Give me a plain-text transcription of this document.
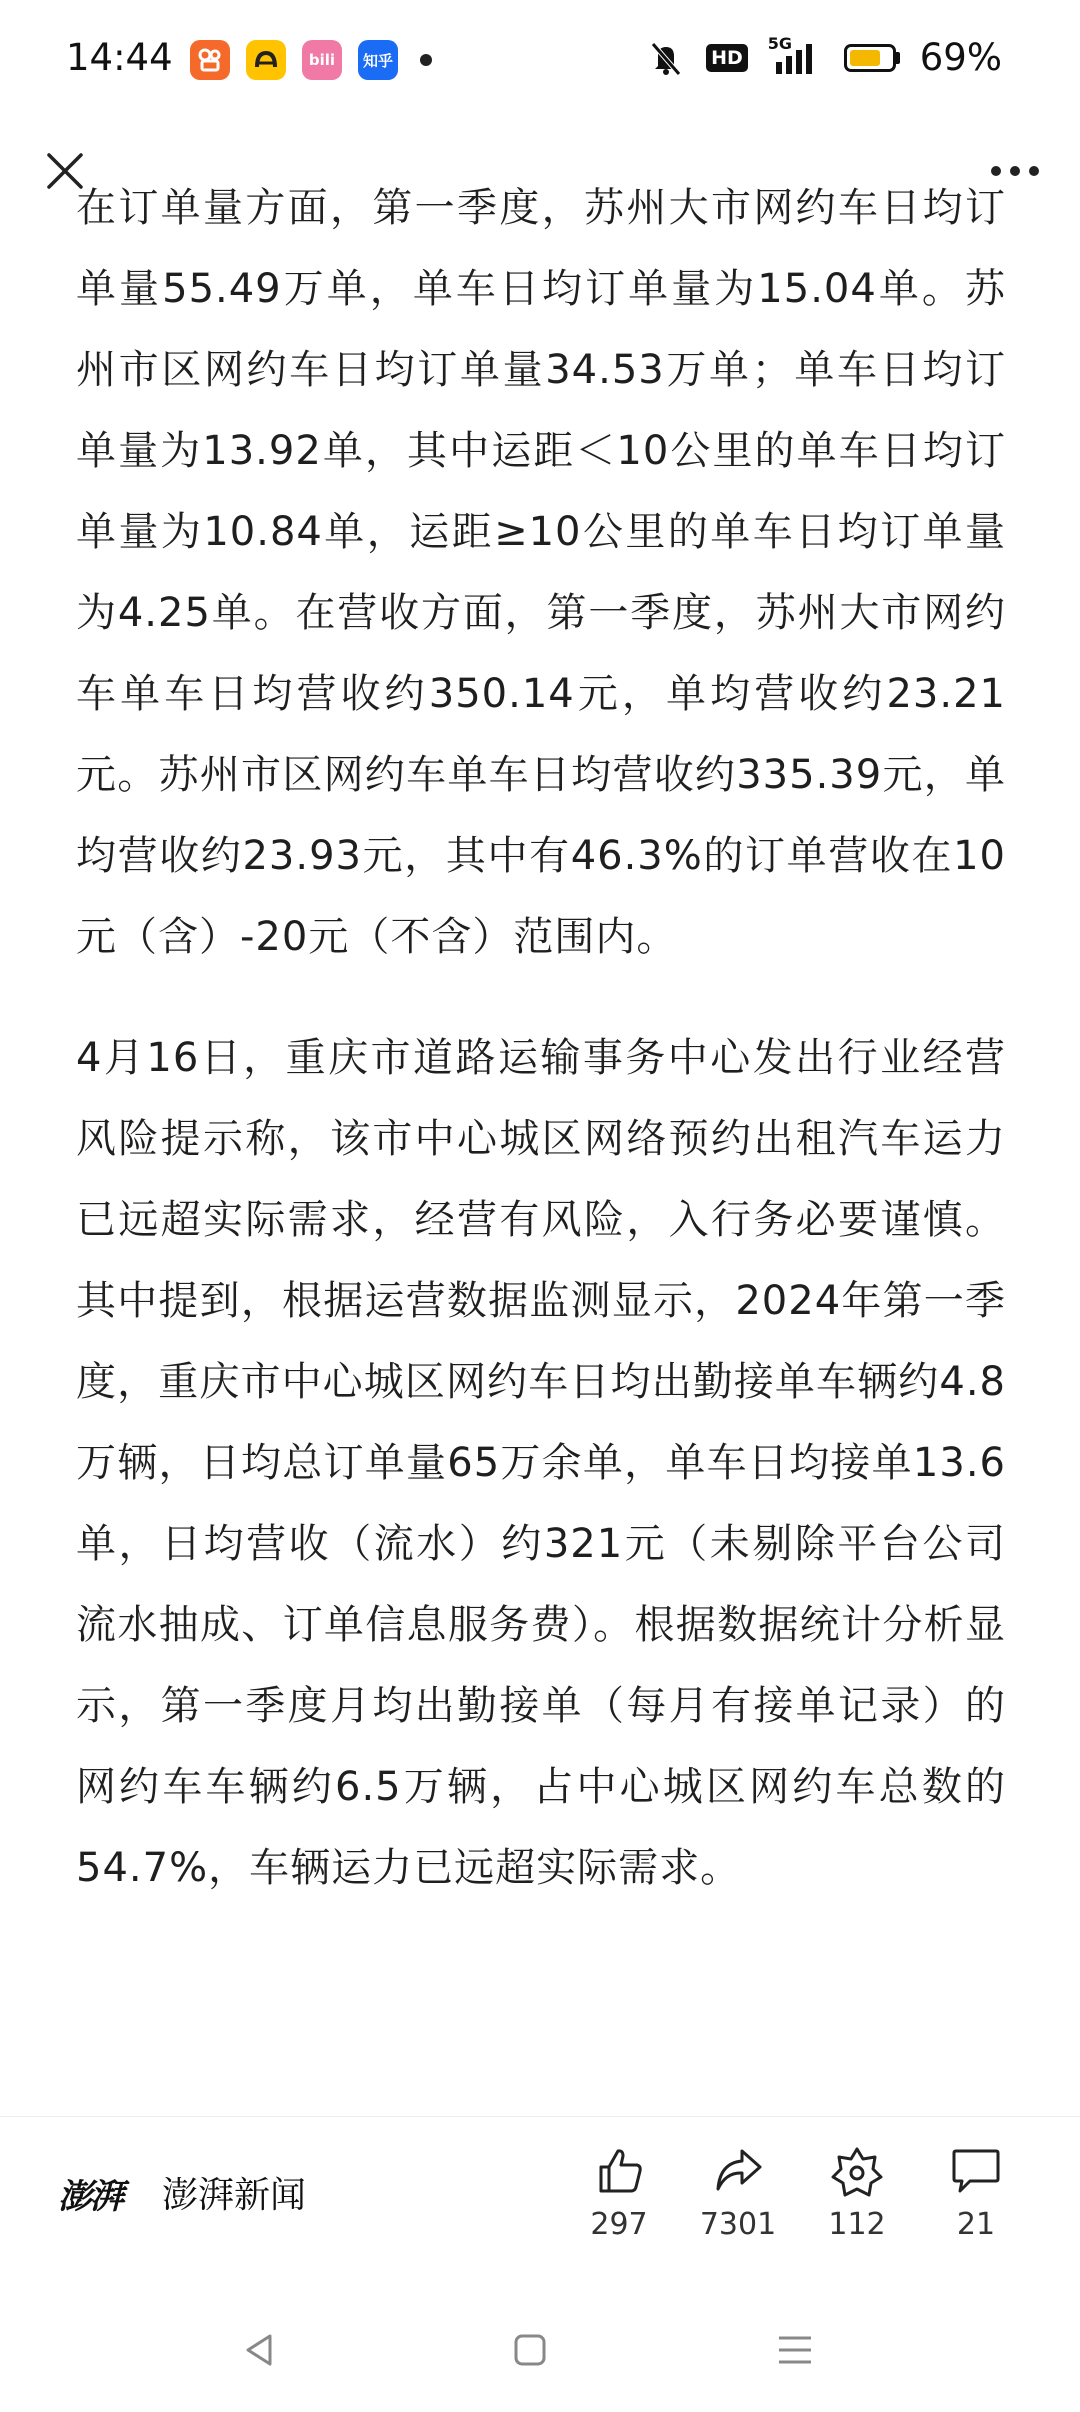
14:44	bili 知乎	HD
5G	69%

在订单量方面，第一季度，苏州大市网约车日均订单量55.49万单，单车日均订单量为15.04单。苏州市区网约车日均订单量34.53万单；单车日均订单量为13.92单，其中运距＜10公里的单车日均订单量为10.84单，运距≥10公里的单车日均订单量为4.25单。在营收方面，第一季度，苏州大市网约车单车日均营收约350.14元，单均营收约23.21元。苏州市区网约车单车日均营收约335.39元，单均营收约23.93元，其中有46.3%的订单营收在10元（含）-20元（不含）范围内。

4月16日，重庆市道路运输事务中心发出行业经营风险提示称，该市中心城区网络预约出租汽车运力已远超实际需求，经营有风险，入行务必要谨慎。其中提到，根据运营数据监测显示，2024年第一季度，重庆市中心城区网约车日均出勤接单车辆约4.8万辆，日均总订单量65万余单，单车日均接单13.6单，日均营收（流水）约321元（未剔除平台公司流水抽成、订单信息服务费）。根据数据统计分析显示，第一季度月均出勤接单（每月有接单记录）的网约车车辆约6.5万辆，占中心城区网约车总数的54.7%，车辆运力已远超实际需求。

澎湃 澎湃新闻
297	7301	112	21
